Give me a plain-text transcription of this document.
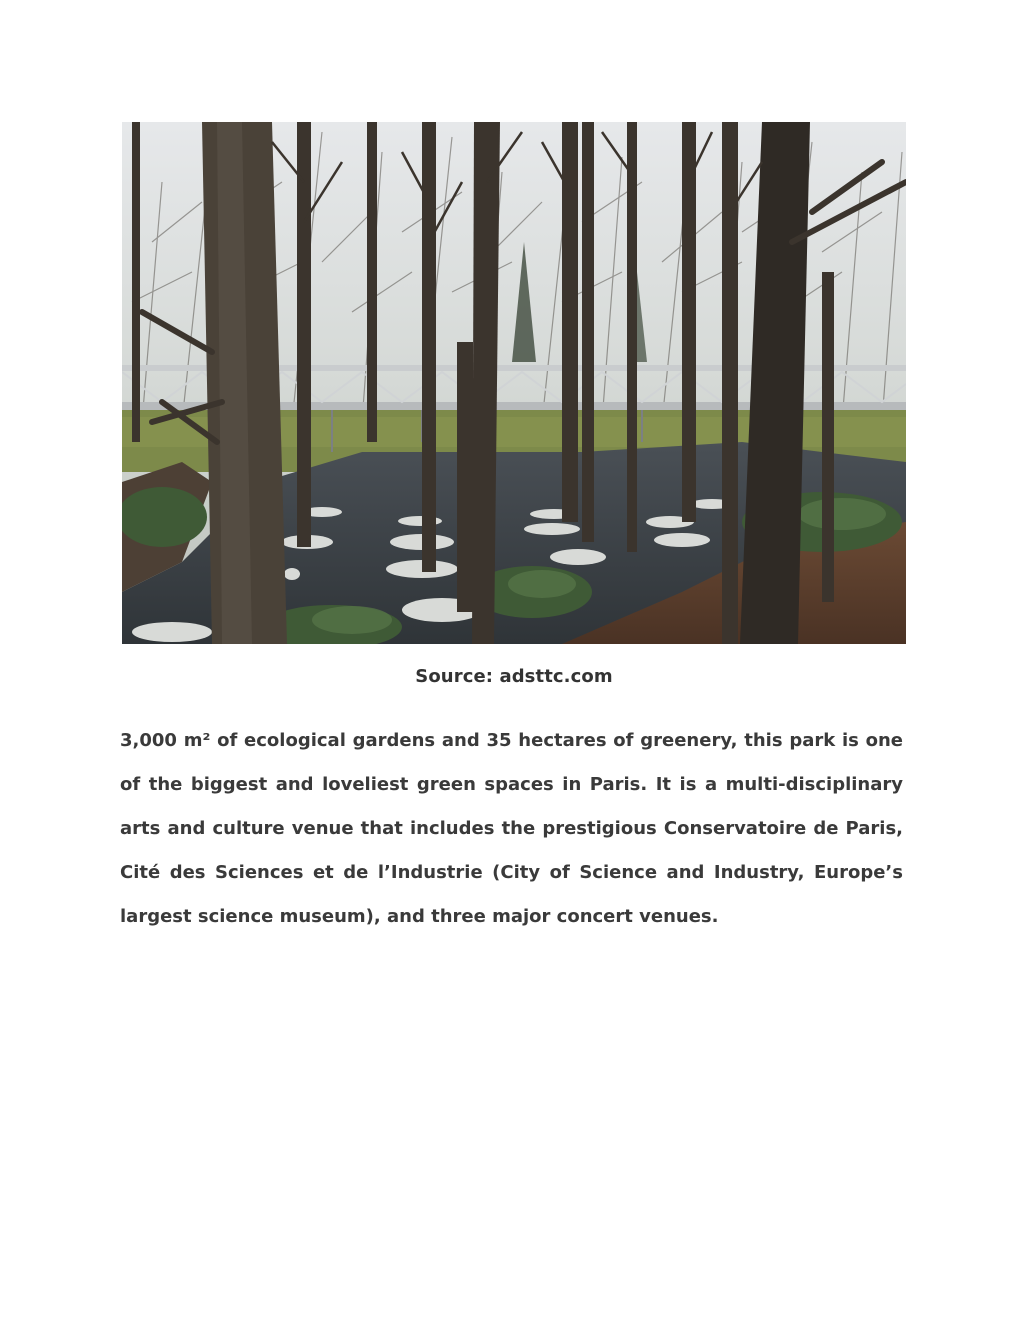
Source: adsttc.com

3,000 m² of ecological gardens and 35 hectares of greenery, this park is one of the biggest and loveliest green spaces in Paris. It is a multi-disciplinary arts and culture venue that includes the prestigious Conservatoire de Paris, Cité des Sciences et de l’Industrie (City of Science and Industry, Europe’s largest science museum), and three major concert venues.
